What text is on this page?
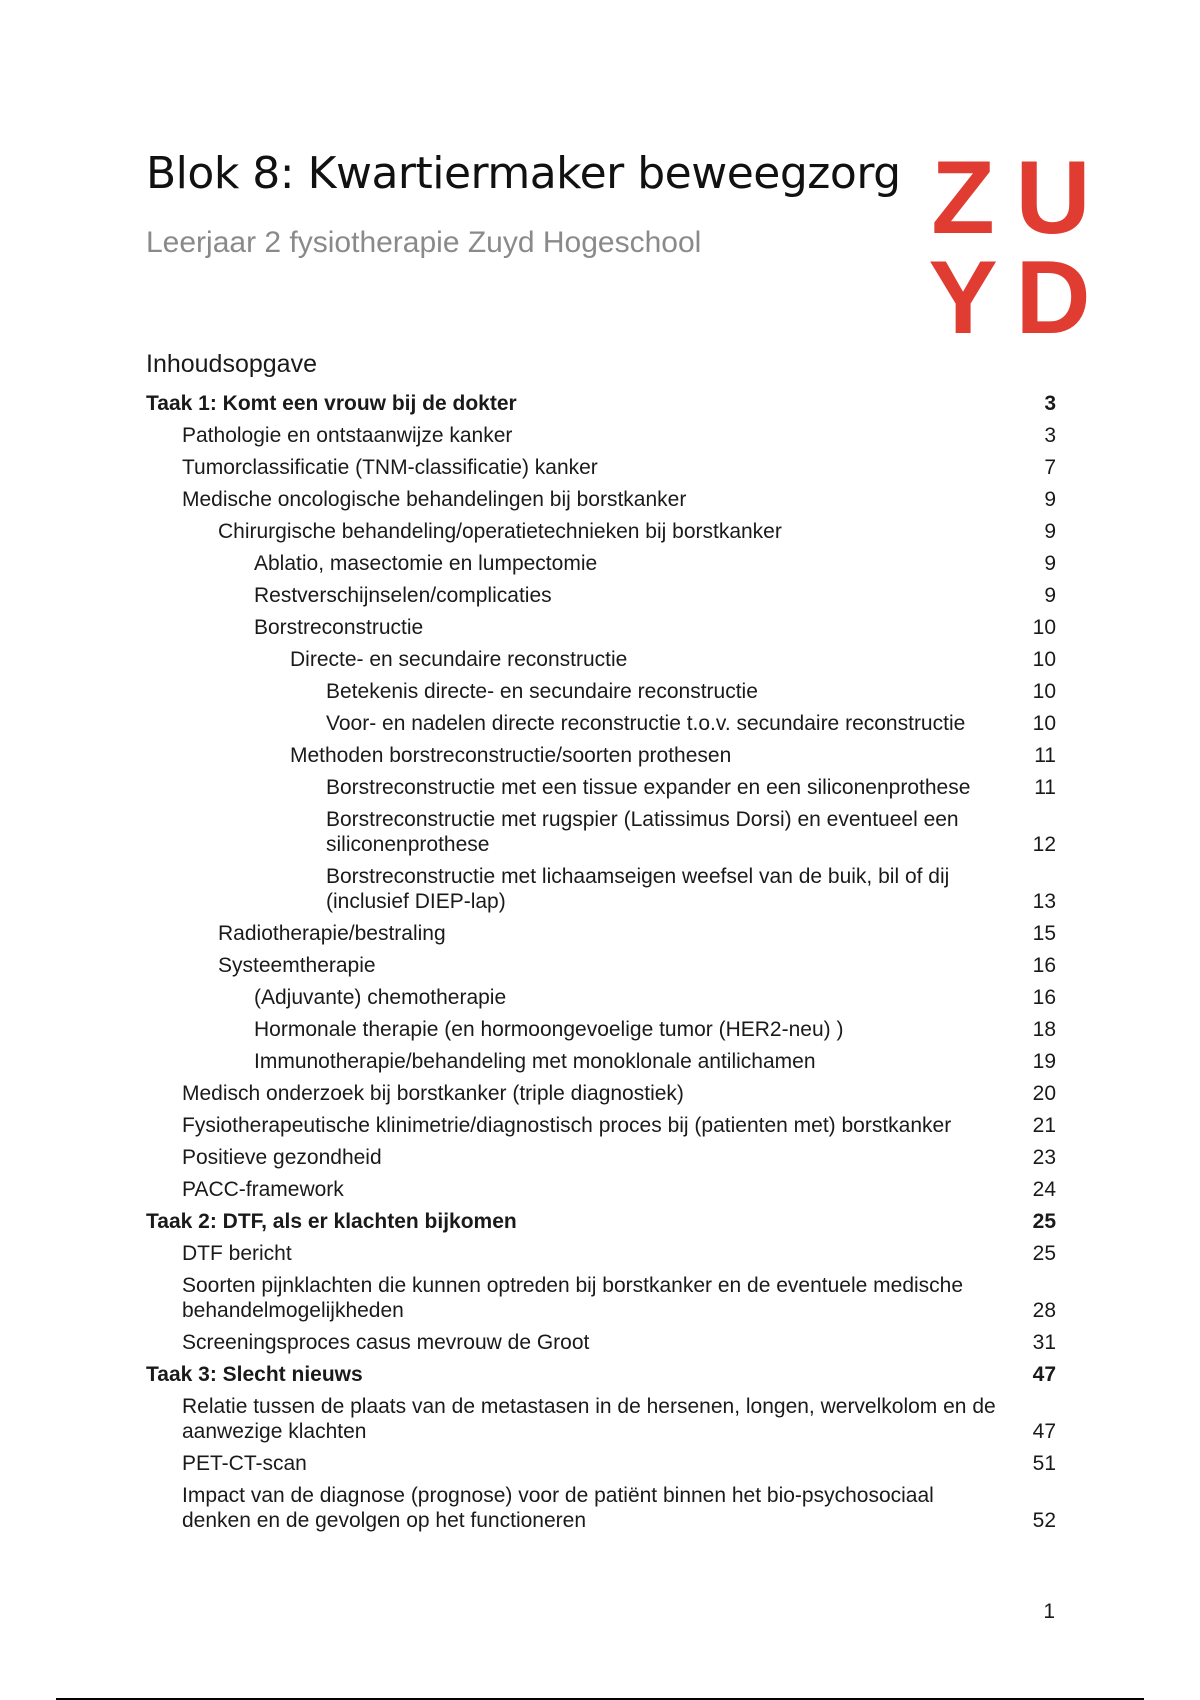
Blok 8: Kwartiermaker beweegzorg

Leerjaar 2 fysiotherapie Zuyd Hogeschool Z U
Y D
Inhoudsopgave
Taak 1: Komt een vrouw bij de dokter	3
Pathologie en ontstaanwijze kanker	3
Tumorclassificatie (TNM-classificatie) kanker	7
Medische oncologische behandelingen bij borstkanker	9
Chirurgische behandeling/operatietechnieken bij borstkanker	9
Ablatio, masectomie en lumpectomie	9
Restverschijnselen/complicaties	9
Borstreconstructie	10
Directe- en secundaire reconstructie	10
Betekenis directe- en secundaire reconstructie	10
Voor- en nadelen directe reconstructie t.o.v. secundaire reconstructie	10
Methoden borstreconstructie/soorten prothesen	11
Borstreconstructie met een tissue expander en een siliconenprothese	11
Borstreconstructie met rugspier (Latissimus Dorsi) en eventueel een siliconenprothese	12
Borstreconstructie met lichaamseigen weefsel van de buik, bil of dij (inclusief DIEP-lap)	13
Radiotherapie/bestraling	15
Systeemtherapie	16
(Adjuvante) chemotherapie	16
Hormonale therapie (en hormoongevoelige tumor (HER2-neu) )	18
Immunotherapie/behandeling met monoklonale antilichamen	19
Medisch onderzoek bij borstkanker (triple diagnostiek)	20
Fysiotherapeutische klinimetrie/diagnostisch proces bij (patienten met) borstkanker	21
Positieve gezondheid	23
PACC-framework	24
Taak 2: DTF, als er klachten bijkomen	25
DTF bericht	25
Soorten pijnklachten die kunnen optreden bij borstkanker en de eventuele medische behandelmogelijkheden	28
Screeningsproces casus mevrouw de Groot	31
Taak 3: Slecht nieuws	47
Relatie tussen de plaats van de metastasen in de hersenen, longen, wervelkolom en de aanwezige klachten	47
PET-CT-scan	51
Impact van de diagnose (prognose) voor de patiënt binnen het bio-psychosociaal denken en de gevolgen op het functioneren	52

1
